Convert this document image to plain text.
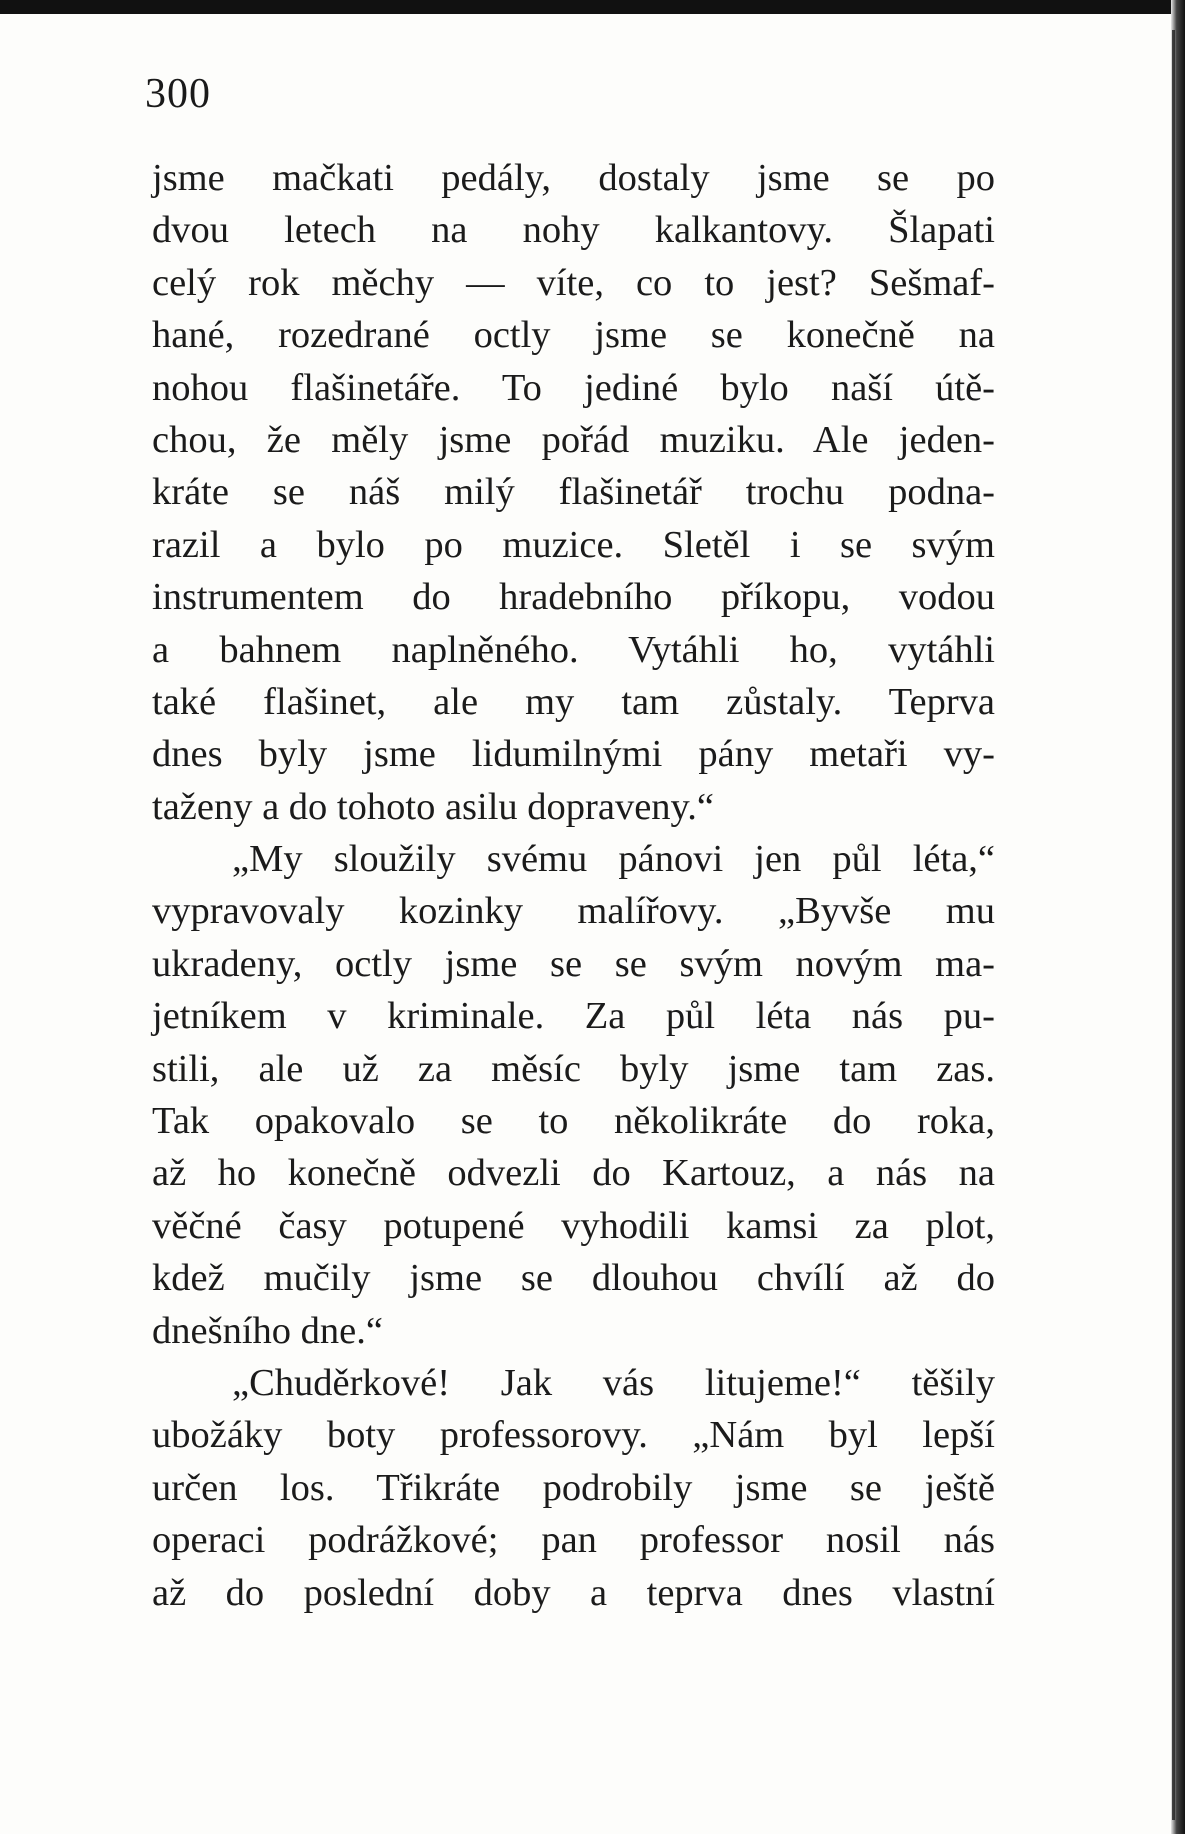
300
jsme mačkati pedály, dostaly jsme se po
dvou letech na nohy kalkantovy. Šlapati
celý rok měchy — víte, co to jest? Sešmaf-
hané, rozedrané octly jsme se konečně na
nohou flašinetáře. To jediné bylo naší útě-
chou, že měly jsme pořád muziku. Ale jeden-
kráte se náš milý flašinetář trochu podna-
razil a bylo po muzice. Sletěl i se svým
instrumentem do hradebního příkopu, vodou
a bahnem naplněného. Vytáhli ho, vytáhli
také flašinet, ale my tam zůstaly. Teprva
dnes byly jsme lidumilnými pány metaři vy-
taženy a do tohoto asilu dopraveny.“
„My sloužily svému pánovi jen půl léta,“
vypravovaly kozinky malířovy. „Byvše mu
ukradeny, octly jsme se se svým novým ma-
jetníkem v kriminale. Za půl léta nás pu-
stili, ale už za měsíc byly jsme tam zas.
Tak opakovalo se to několikráte do roka,
až ho konečně odvezli do Kartouz, a nás na
věčné časy potupené vyhodili kamsi za plot,
kdež mučily jsme se dlouhou chvílí až do
dnešního dne.“
„Chuděrkové! Jak vás litujeme!“ těšily
ubožáky boty professorovy. „Nám byl lepší
určen los. Třikráte podrobily jsme se ještě
operaci podrážkové; pan professor nosil nás
až do poslední doby a teprva dnes vlastní
